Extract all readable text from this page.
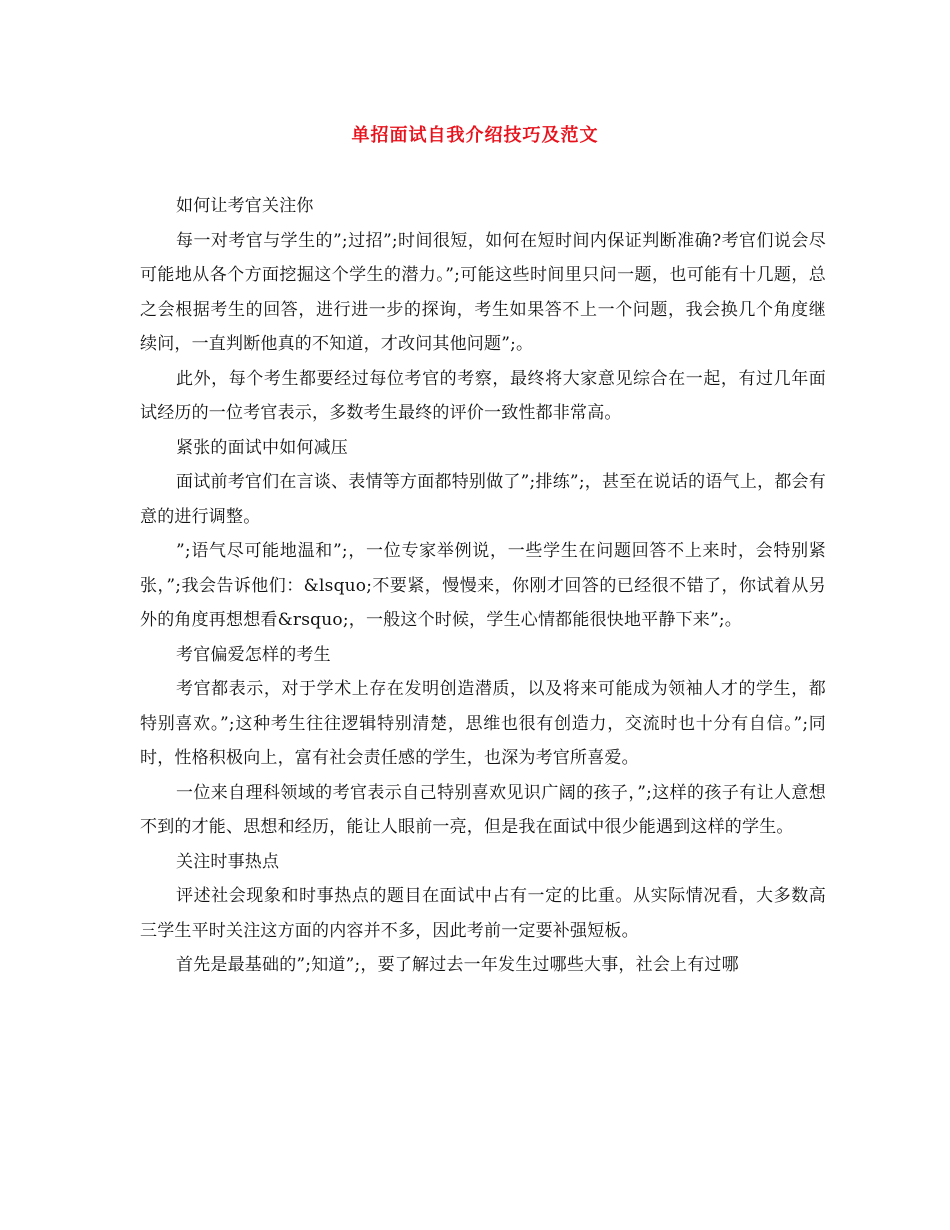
单招面试自我介绍技巧及范文

如何让考官关注你

每一对考官与学生的”;过招”;时间很短，如何在短时间内保证判断准确?考官们说会尽可能地从各个方面挖掘这个学生的潜力。”;可能这些时间里只问一题，也可能有十几题，总之会根据考生的回答，进行进一步的探询，考生如果答不上一个问题，我会换几个角度继续问，一直判断他真的不知道，才改问其他问题”;。

此外，每个考生都要经过每位考官的考察，最终将大家意见综合在一起，有过几年面试经历的一位考官表示，多数考生最终的评价一致性都非常高。

紧张的面试中如何减压

面试前考官们在言谈、表情等方面都特别做了”;排练”;，甚至在说话的语气上，都会有意的进行调整。

”;语气尽可能地温和”;，一位专家举例说，一些学生在问题回答不上来时，会特别紧张，”;我会告诉他们：&lsquo;不要紧，慢慢来，你刚才回答的已经很不错了，你试着从另外的角度再想想看&rsquo;，一般这个时候，学生心情都能很快地平静下来”;。

考官偏爱怎样的考生

考官都表示，对于学术上存在发明创造潜质，以及将来可能成为领袖人才的学生，都特别喜欢。”;这种考生往往逻辑特别清楚，思维也很有创造力，交流时也十分有自信。”;同时，性格积极向上，富有社会责任感的学生，也深为考官所喜爱。

一位来自理科领域的考官表示自己特别喜欢见识广阔的孩子，”;这样的孩子有让人意想不到的才能、思想和经历，能让人眼前一亮，但是我在面试中很少能遇到这样的学生。

关注时事热点

评述社会现象和时事热点的题目在面试中占有一定的比重。从实际情况看，大多数高三学生平时关注这方面的内容并不多，因此考前一定要补强短板。

首先是最基础的”;知道”;，要了解过去一年发生过哪些大事，社会上有过哪
